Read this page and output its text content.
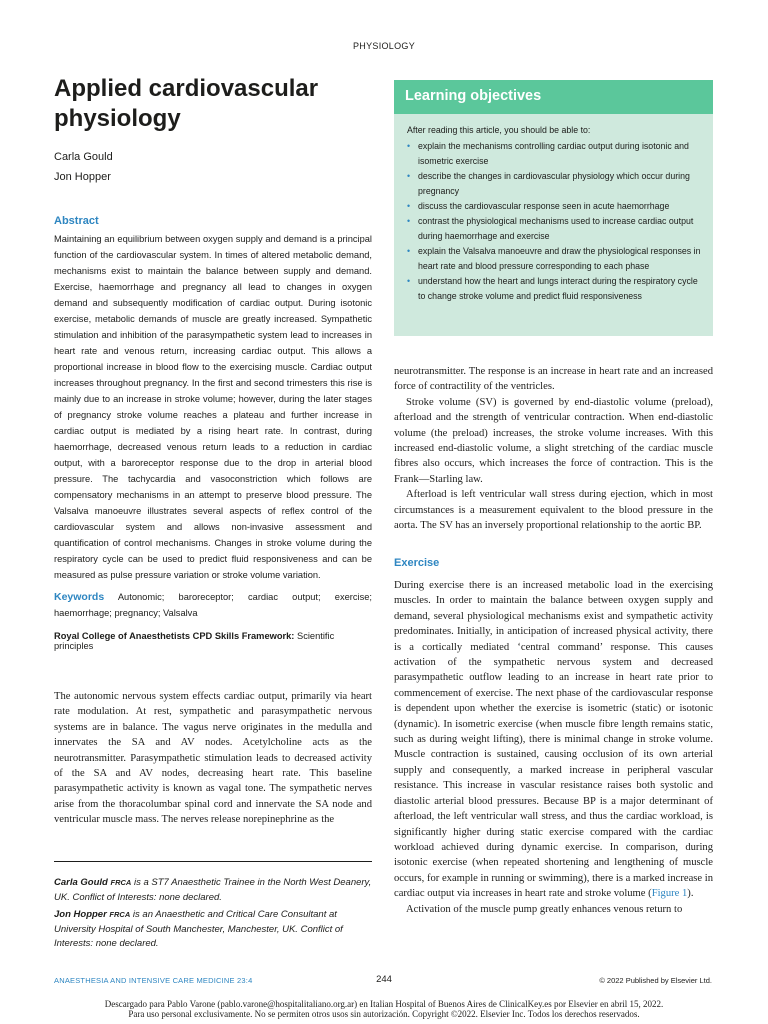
PHYSIOLOGY
Applied cardiovascular physiology
Carla Gould
Jon Hopper
Abstract
Maintaining an equilibrium between oxygen supply and demand is a principal function of the cardiovascular system. In times of altered metabolic demand, mechanisms exist to maintain the balance between supply and demand. Exercise, haemorrhage and pregnancy all lead to changes in oxygen demand and subsequently modification of cardiac output. During isotonic exercise, metabolic demands of muscle are greatly increased. Sympathetic stimulation and inhibition of the parasympathetic system lead to increases in heart rate and venous return, increasing cardiac output. This allows a proportional increase in blood flow to the exercising muscle. Cardiac output increases throughout pregnancy. In the first and second trimesters this rise is mainly due to an increase in stroke volume; however, during the later stages of pregnancy stroke volume reaches a plateau and further increase in cardiac output is mediated by a rising heart rate. In contrast, during haemorrhage, decreased venous return leads to a reduction in cardiac output, with a baroreceptor response due to the drop in arterial blood pressure. The tachycardia and vasoconstriction which follows are compensatory mechanisms in an attempt to preserve blood pressure. The Valsalva manoeuvre illustrates several aspects of reflex control of the cardiovascular system and allows non-invasive assessment and quantification of control mechanisms. Changes in stroke volume during the respiratory cycle can be used to predict fluid responsiveness and can be measured as pulse pressure variation or stroke volume variation.
Keywords Autonomic; baroreceptor; cardiac output; exercise; haemorrhage; pregnancy; Valsalva
Royal College of Anaesthetists CPD Skills Framework: Scientific principles

The autonomic nervous system effects cardiac output, primarily via heart rate modulation. At rest, sympathetic and parasympathetic nervous systems are in balance. The vagus nerve originates in the medulla and innervates the SA and AV nodes. Acetylcholine acts as the neurotransmitter. Parasympathetic stimulation leads to decreased activity of the SA and AV nodes, decreasing heart rate. This baseline parasympathetic activity is known as vagal tone. The sympathetic nerves arise from the thoracolumbar spinal cord and innervate the SA node and ventricular muscle mass. The nerves release norepinephrine as the

Carla Gould FRCA is a ST7 Anaesthetic Trainee in the North West Deanery, UK. Conflict of Interests: none declared.
Jon Hopper FRCA is an Anaesthetic and Critical Care Consultant at University Hospital of South Manchester, Manchester, UK. Conflict of Interests: none declared.
Learning objectives
After reading this article, you should be able to:
• explain the mechanisms controlling cardiac output during isotonic and isometric exercise
• describe the changes in cardiovascular physiology which occur during pregnancy
• discuss the cardiovascular response seen in acute haemorrhage
• contrast the physiological mechanisms used to increase cardiac output during haemorrhage and exercise
• explain the Valsalva manoeuvre and draw the physiological responses in heart rate and blood pressure corresponding to each phase
• understand how the heart and lungs interact during the respiratory cycle to change stroke volume and predict fluid responsiveness

neurotransmitter. The response is an increase in heart rate and an increased force of contractility of the ventricles.

Stroke volume (SV) is governed by end-diastolic volume (preload), afterload and the strength of ventricular contraction. When end-diastolic volume (the preload) increases, the stroke volume increases. With this increased end-diastolic volume, a slight stretching of the cardiac muscle fibres also occurs, which increases the force of contraction. This is the Frank—Starling law.

Afterload is left ventricular wall stress during ejection, which in most circumstances is a measurement equivalent to the blood pressure in the aorta. The SV has an inversely proportional relationship to the aortic BP.

Exercise

During exercise there is an increased metabolic load in the exercising muscles. In order to maintain the balance between oxygen supply and demand, several physiological mechanisms exist and sympathetic activity predominates. Initially, in anticipation of increased physical activity, there is a cortically mediated ‘central command’ response. This causes activation of the sympathetic nervous system and decreased parasympathetic outflow leading to an increase in heart rate prior to commencement of exercise. The next phase of the cardiovascular response is dependent upon whether the exercise is isometric (static) or isotonic (dynamic). In isometric exercise (when muscle fibre length remains static, such as during weight lifting), there is minimal change in stroke volume. Muscle contraction is sustained, causing occlusion of its own arterial supply and consequently, a marked increase in peripheral vascular resistance. This increase in vascular resistance raises both systolic and diastolic arterial blood pressures. Because BP is a major determinant of afterload, the left ventricular wall stress, and thus the cardiac workload, is significantly higher during static exercise compared with the cardiac workload achieved during dynamic exercise. In comparison, during isotonic exercise (when repeated shortening and lengthening of muscle occurs, for example in running or swimming), there is a marked increase in cardiac output via increases in heart rate and stroke volume (Figure 1).

Activation of the muscle pump greatly enhances venous return to

ANAESTHESIA AND INTENSIVE CARE MEDICINE 23:4	244	© 2022 Published by Elsevier Ltd.
Descargado para Pablo Varone (pablo.varone@hospitalitaliano.org.ar) en Italian Hospital of Buenos Aires de ClinicalKey.es por Elsevier en abril 15, 2022.
Para uso personal exclusivamente. No se permiten otros usos sin autorización. Copyright ©2022. Elsevier Inc. Todos los derechos reservados.
